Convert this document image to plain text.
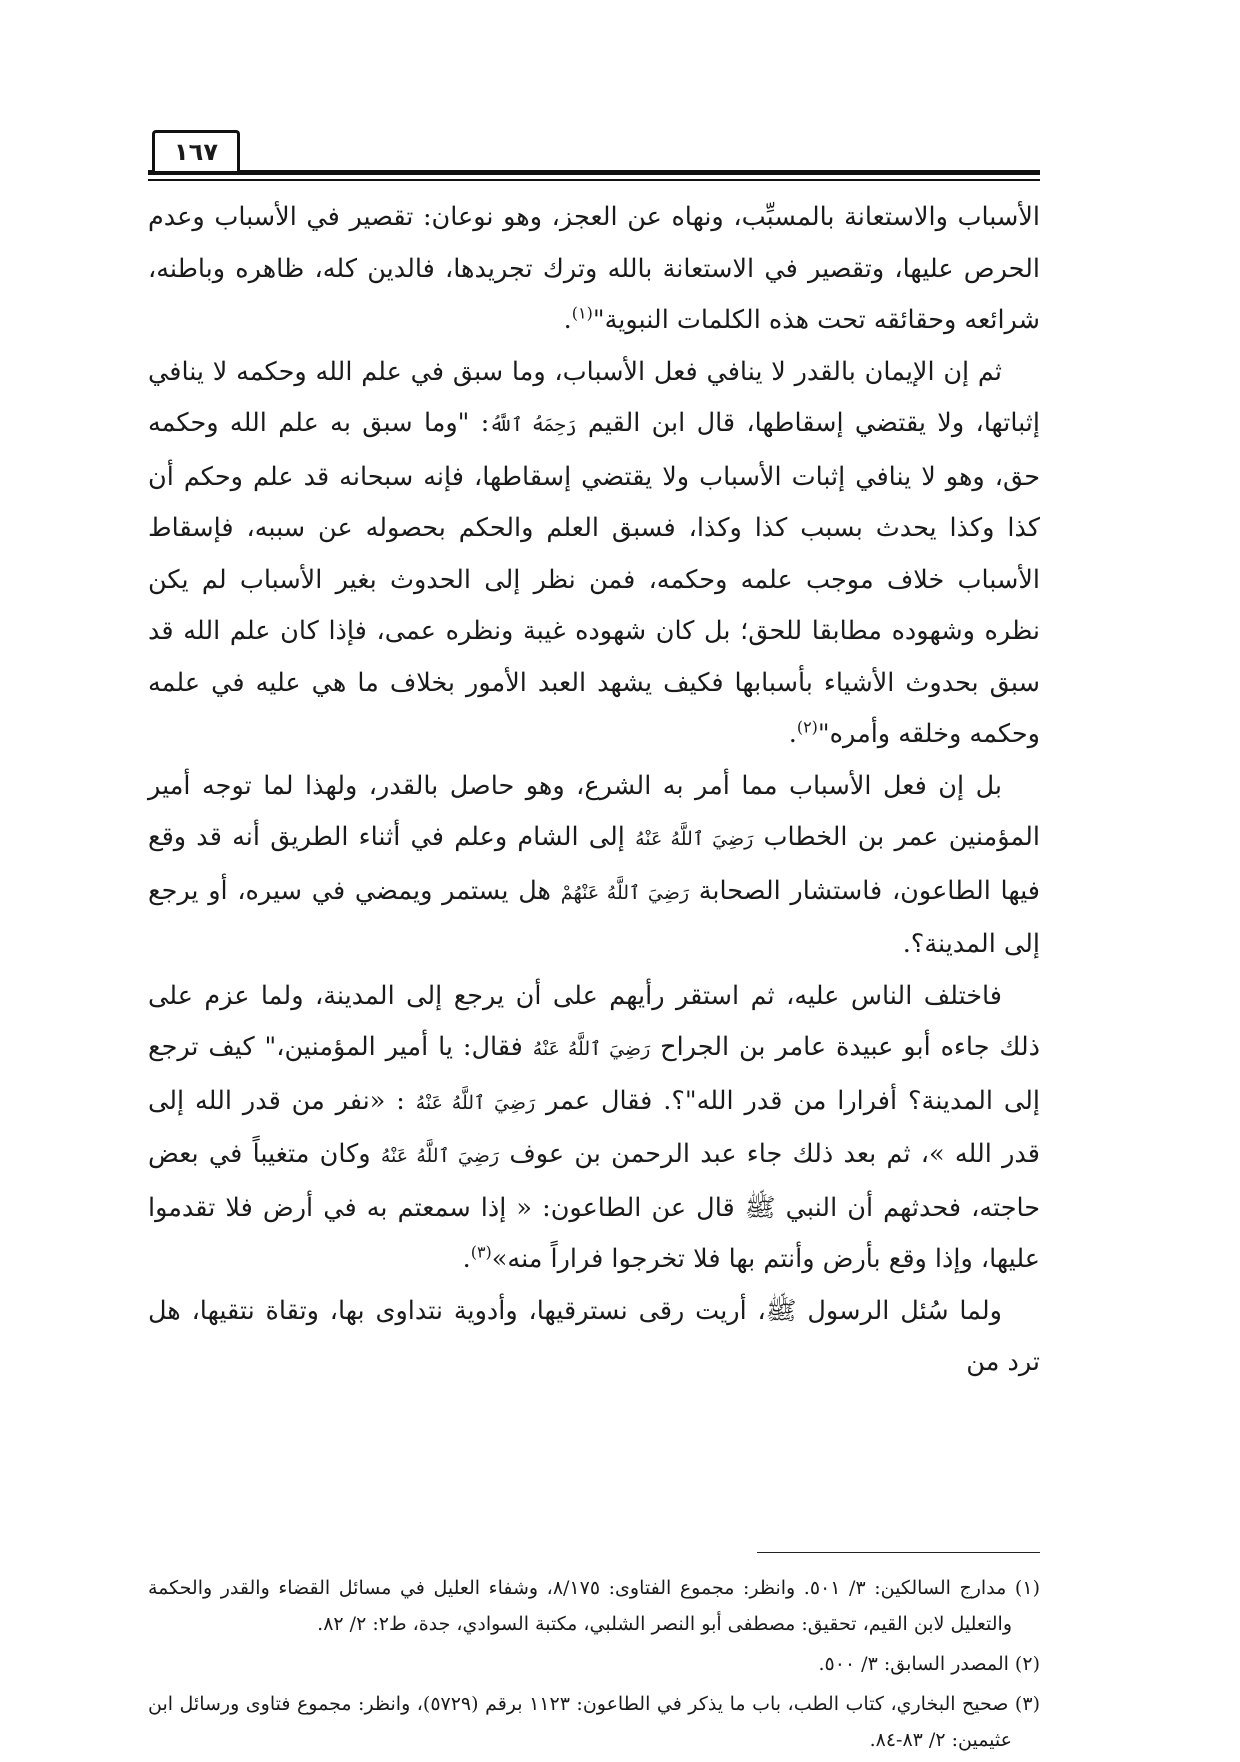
١٦٧

الأسباب والاستعانة بالمسبِّب، ونهاه عن العجز، وهو نوعان: تقصير في الأسباب وعدم الحرص عليها، وتقصير في الاستعانة بالله وترك تجريدها، فالدين كله، ظاهره وباطنه، شرائعه وحقائقه تحت هذه الكلمات النبوية"$^{(١)}$.

ثم إن الإيمان بالقدر لا ينافي فعل الأسباب، وما سبق في علم الله وحكمه لا ينافي إثباتها، ولا يقتضي إسقاطها، قال ابن القيم رَحِمَهُ ٱللَّهُ: "وما سبق به علم الله وحكمه حق، وهو لا ينافي إثبات الأسباب ولا يقتضي إسقاطها، فإنه سبحانه قد علم وحكم أن كذا وكذا يحدث بسبب كذا وكذا، فسبق العلم والحكم بحصوله عن سببه، فإسقاط الأسباب خلاف موجب علمه وحكمه، فمن نظر إلى الحدوث بغير الأسباب لم يكن نظره وشهوده مطابقا للحق؛ بل كان شهوده غيبة ونظره عمى، فإذا كان علم الله قد سبق بحدوث الأشياء بأسبابها فكيف يشهد العبد الأمور بخلاف ما هي عليه في علمه وحكمه وخلقه وأمره"$^{(٢)}$.

بل إن فعل الأسباب مما أمر به الشرع، وهو حاصل بالقدر، ولهذا لما توجه أمير المؤمنين عمر بن الخطاب رَضِيَ ٱللَّهُ عَنْهُ إلى الشام وعلم في أثناء الطريق أنه قد وقع فيها الطاعون، فاستشار الصحابة رَضِيَ ٱللَّهُ عَنْهُمْ هل يستمر ويمضي في سيره، أو يرجع إلى المدينة؟.

فاختلف الناس عليه، ثم استقر رأيهم على أن يرجع إلى المدينة، ولما عزم على ذلك جاءه أبو عبيدة عامر بن الجراح رَضِيَ ٱللَّهُ عَنْهُ فقال: يا أمير المؤمنين،" كيف ترجع إلى المدينة؟ أفرارا من قدر الله"؟. فقال عمر رَضِيَ ٱللَّهُ عَنْهُ : «نفر من قدر الله إلى قدر الله »، ثم بعد ذلك جاء عبد الرحمن بن عوف رَضِيَ ٱللَّهُ عَنْهُ وكان متغيباً في بعض حاجته، فحدثهم أن النبي ﷺ قال عن الطاعون: « إذا سمعتم به في أرض فلا تقدموا عليها، وإذا وقع بأرض وأنتم بها فلا تخرجوا فراراً منه»$^{(٣)}$.

ولما سُئل الرسول ﷺ، أريت رقى نسترقيها، وأدوية نتداوى بها، وتقاة نتقيها، هل ترد من

(١) مدارج السالكين: ٣/ ٥٠١. وانظر: مجموع الفتاوى: ٨/١٧٥، وشفاء العليل في مسائل القضاء والقدر والحكمة والتعليل لابن القيم، تحقيق: مصطفى أبو النصر الشلبي، مكتبة السوادي، جدة، ط٢: ٢/ ٨٢.

(٢) المصدر السابق: ٣/ ٥٠٠.

(٣) صحيح البخاري، كتاب الطب، باب ما يذكر في الطاعون: ١١٢٣ برقم (٥٧٢٩)، وانظر: مجموع فتاوى ورسائل ابن عثيمين: ٢/ ٨٣-٨٤.
